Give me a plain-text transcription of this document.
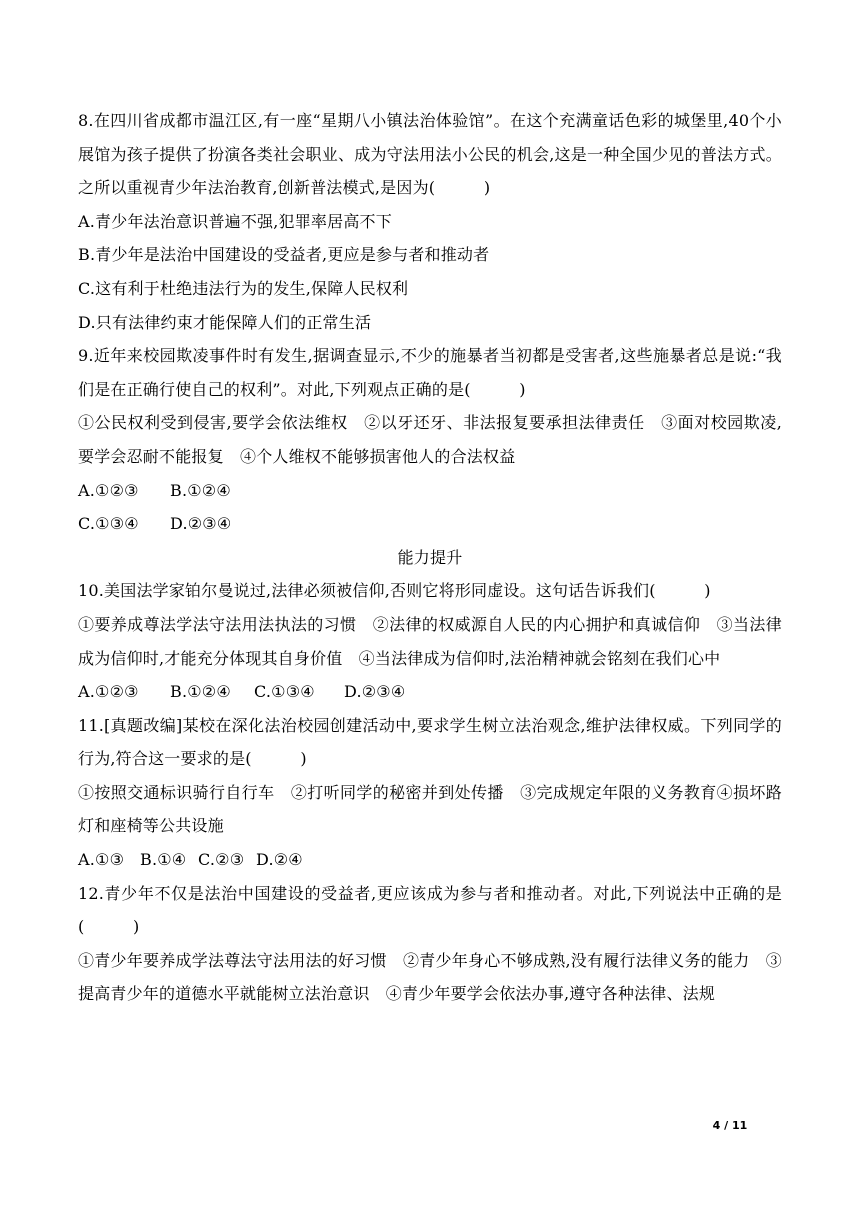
8.在四川省成都市温江区,有一座“星期八小镇法治体验馆”。在这个充满童话色彩的城堡里,40个小展馆为孩子提供了扮演各类社会职业、成为守法用法小公民的机会,这是一种全国少见的普法方式。之所以重视青少年法治教育,创新普法模式,是因为(　　　)

A.青少年法治意识普遍不强,犯罪率居高不下

B.青少年是法治中国建设的受益者,更应是参与者和推动者

C.这有利于杜绝违法行为的发生,保障人民权利

D.只有法律约束才能保障人们的正常生活

9.近年来校园欺凌事件时有发生,据调查显示,不少的施暴者当初都是受害者,这些施暴者总是说:“我们是在正确行使自己的权利”。对此,下列观点正确的是(　　　)

①公民权利受到侵害,要学会依法维权　②以牙还牙、非法报复要承担法律责任　③面对校园欺凌,要学会忍耐不能报复　④个人维权不能够损害他人的合法权益

A.①②③ B.①②④

C.①③④ D.②③④

能力提升

10.美国法学家铂尔曼说过,法律必须被信仰,否则它将形同虚设。这句话告诉我们(　　　)

①要养成尊法学法守法用法执法的习惯　②法律的权威源自人民的内心拥护和真诚信仰　③当法律成为信仰时,才能充分体现其自身价值　④当法律成为信仰时,法治精神就会铭刻在我们心中

A.①②③ B.①②④ C.①③④ D.②③④

11.[真题改编]某校在深化法治校园创建活动中,要求学生树立法治观念,维护法律权威。下列同学的行为,符合这一要求的是(　　　)

①按照交通标识骑行自行车　②打听同学的秘密并到处传播　③完成规定年限的义务教育④损坏路灯和座椅等公共设施

A.①③ B.①④ C.②③ D.②④

12.青少年不仅是法治中国建设的受益者,更应该成为参与者和推动者。对此,下列说法中正确的是(　　　)

①青少年要养成学法尊法守法用法的好习惯　②青少年身心不够成熟,没有履行法律义务的能力　③提高青少年的道德水平就能树立法治意识　④青少年要学会依法办事,遵守各种法律、法规

4 / 11
